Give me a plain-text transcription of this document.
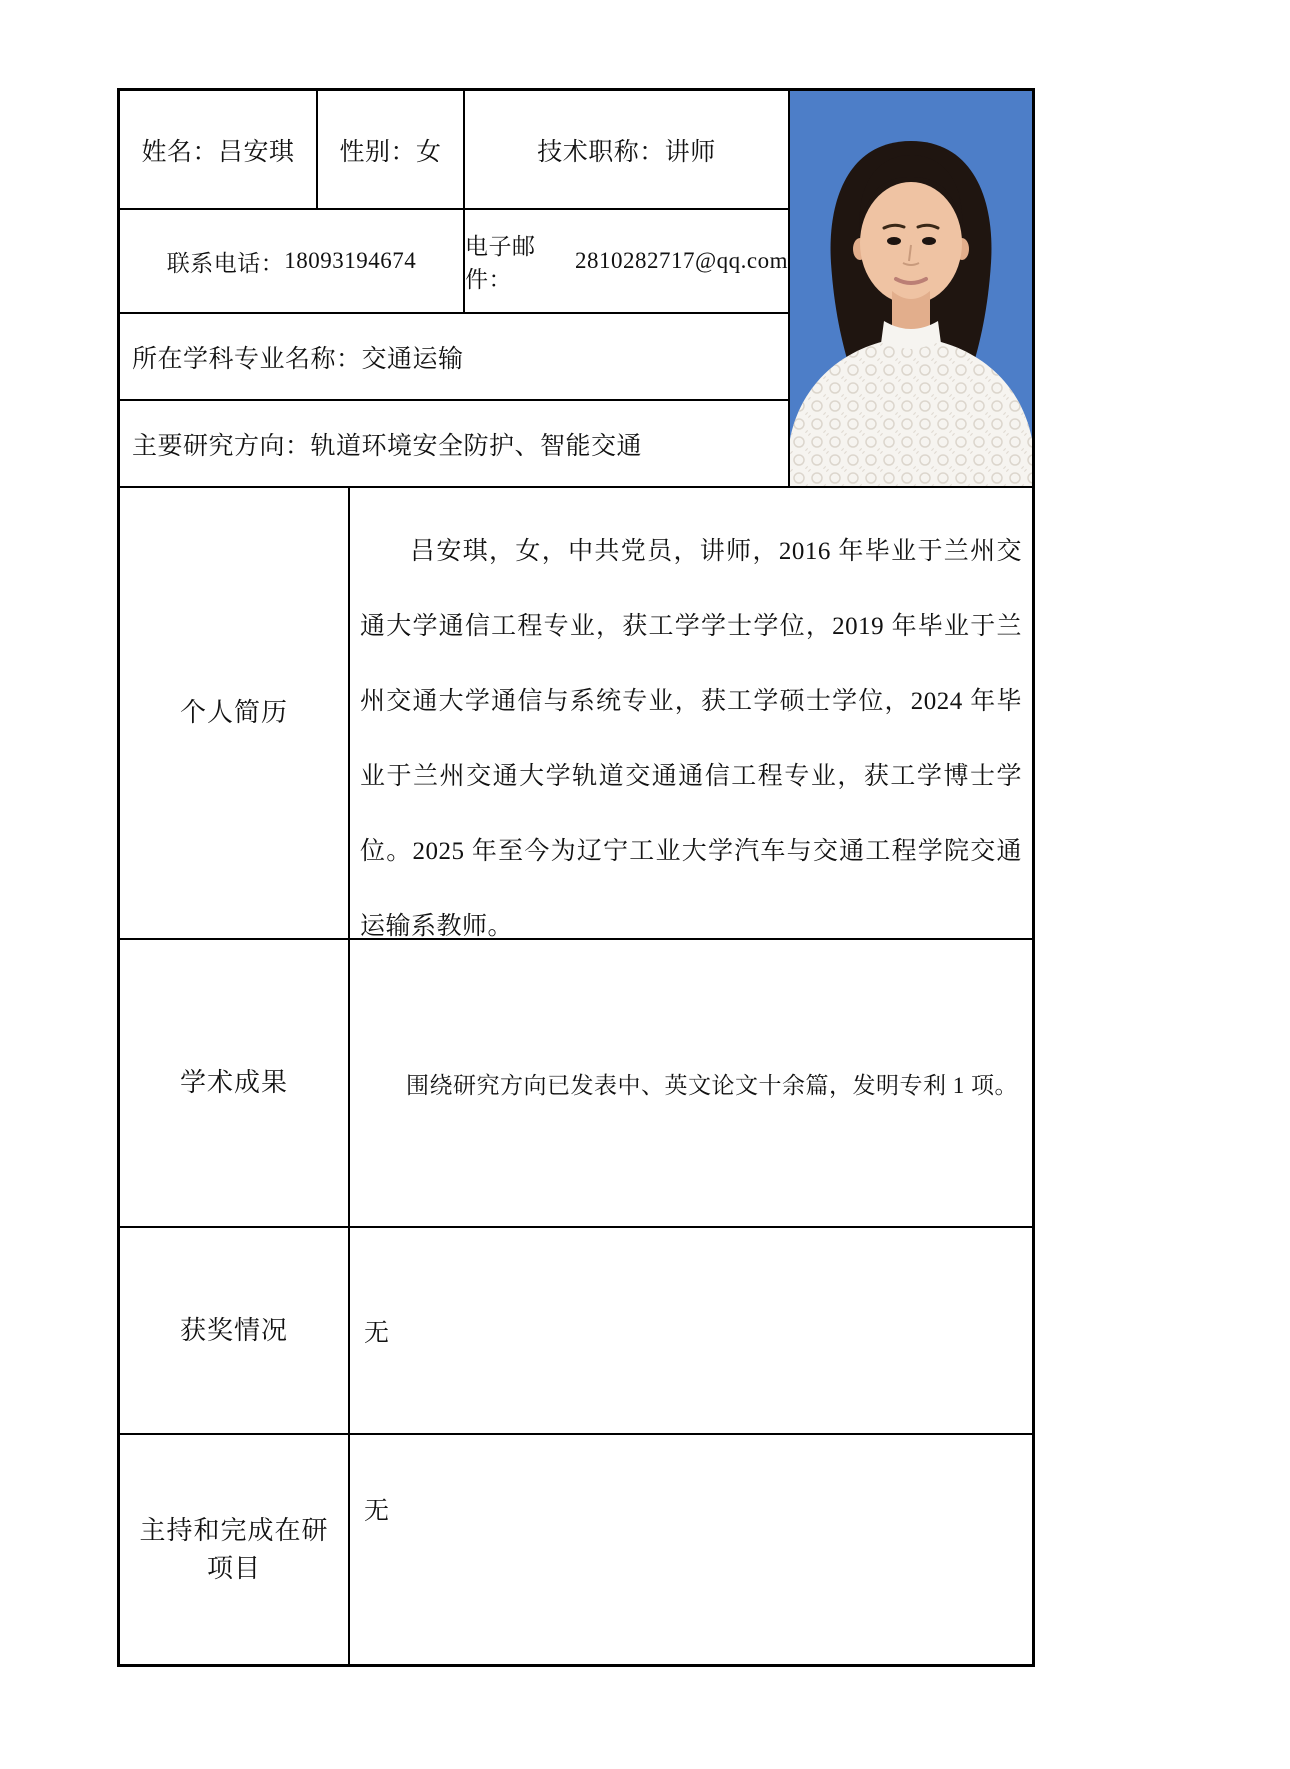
姓名： 吕安琪 性别： 女	技术职称： 讲师
联系电话： 18093194674
电子邮件：
2810282717@qq.com
所在学科专业名称： 交通运输
主要研究方向： 轨道环境安全防护、智能交通
个人简历

吕安琪，女，中共党员，讲师，2016 年毕业于兰州交通大学通信工程专业，获工学学士学位，2019 年毕业于兰州交通大学通信与系统专业，获工学硕士学位，2024 年毕业于兰州交通大学轨道交通通信工程专业，获工学博士学位。2025 年至今为辽宁工业大学汽车与交通工程学院交通运输系教师。

学术成果	围绕研究方向已发表中、英文论文十余篇，发明专利 1 项。

获奖情况	无

主持和完成在研项目

无
